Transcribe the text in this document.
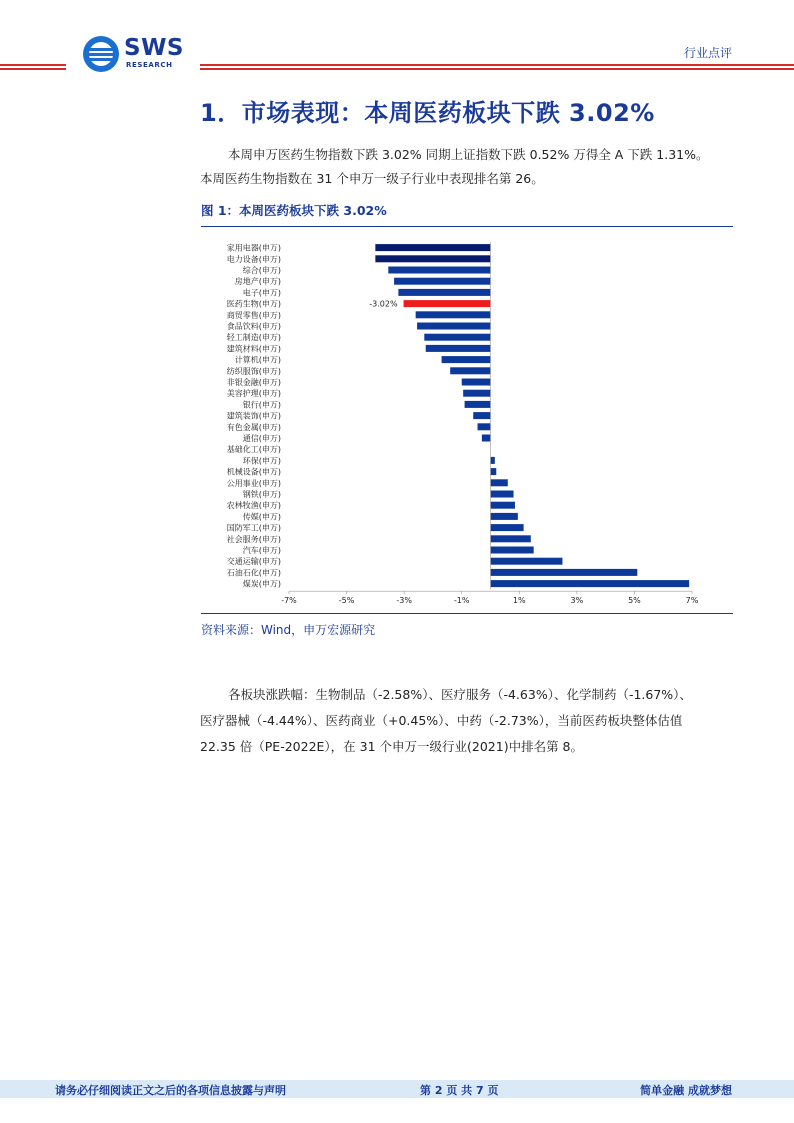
SWS
RESEARCH
行业点评
1．市场表现：本周医药板块下跌 3.02%
本周申万医药生物指数下跌 3.02% 同期上证指数下跌 0.52% 万得全 A 下跌 1.31%。
本周医药生物指数在 31 个申万一级子行业中表现排名第 26。
图 1：本周医药板块下跌 3.02%
家用电器(申万)
电力设备(申万)
综合(申万)
房地产(申万)
电子(申万)
医药生物(申万)	-3.02%
商贸零售(申万)
食品饮料(申万)
轻工制造(申万)
建筑材料(申万)
计算机(申万)
纺织服饰(申万)
非银金融(申万)
美容护理(申万)
银行(申万)
建筑装饰(申万)
有色金属(申万)
通信(申万)
基础化工(申万)
环保(申万)
机械设备(申万)
公用事业(申万)
钢铁(申万)
农林牧渔(申万)
传媒(申万)
国防军工(申万)
社会服务(申万)
汽车(申万)
交通运输(申万)
石油石化(申万)
煤炭(申万)
-7%	-5%	-3%	-1%	1%	3%	5%	7%
资料来源：Wind，申万宏源研究
各板块涨跌幅：生物制品（-2.58%）、医疗服务（-4.63%）、化学制药（-1.67%）、
医疗器械（-4.44%）、医药商业（+0.45%）、中药（-2.73%），当前医药板块整体估值
22.35 倍（PE-2022E），在 31 个申万一级行业(2021)中排名第 8。
请务必仔细阅读正文之后的各项信息披露与声明	第 2 页 共 7 页	简单金融 成就梦想
